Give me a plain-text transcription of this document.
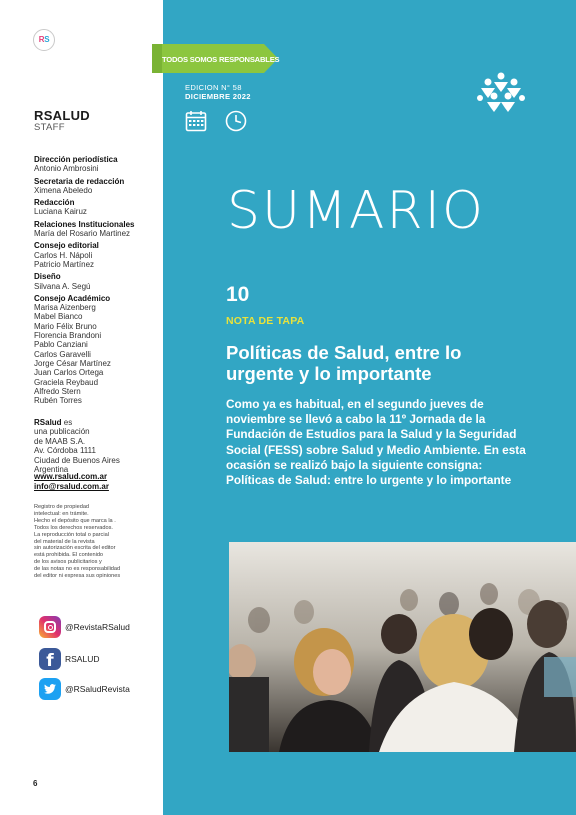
RS
RSALUD
STAFF
Dirección periodística
Antonio Ambrosini
Secretaria de redacción
Ximena Abeledo
Redacción
Luciana Kairuz
Relaciones Institucionales
María del Rosario Martinez
Consejo editorial
Carlos H. Nápoli
Patricio Martínez
Diseño
Silvana A. Segú
Consejo Académico
Marisa Aizenberg
Mabel Bianco
Mario Félix Bruno
Florencia Brandoni
Pablo Canziani
Carlos Garavelli
Jorge César Martínez
Juan Carlos Ortega
Graciela Reybaud
Alfredo Stern
Rubén Torres
RSalud es
una publicación
de MAAB S.A.
Av. Córdoba 1111
Ciudad de Buenos Aires
Argentina
www.rsalud.com.ar
info@rsalud.com.ar
Registro de propiedad
intelectual: en trámite.
Hecho el depósito que marca la .
Todos los derechos reservados.
La reproducción total o parcial
del material de la revista
sin autorización escrita del editor
está prohibida. El contenido
de los avisos publicitarios y
de las notas no es responsabilidad
del editor ni expresa sus opiniones
@RevistaRSalud
f	RSALUD
@RSaludRevista
6
TODOS SOMOS RESPONSABLES
EDICION N° 58
DICIEMBRE 2022
SUMARIO
10
NOTA DE TAPA
Políticas de Salud, entre lo urgente y lo importante
Como ya es habitual, en el segundo jueves de noviembre se llevó a cabo la 11º Jornada de la Fundación de Estudios para la Salud y la Seguridad Social (FESS) sobre Salud y Medio Ambiente. En esta ocasión se realizó bajo la siguiente consigna: Políticas de Salud: entre lo urgente y lo importante
